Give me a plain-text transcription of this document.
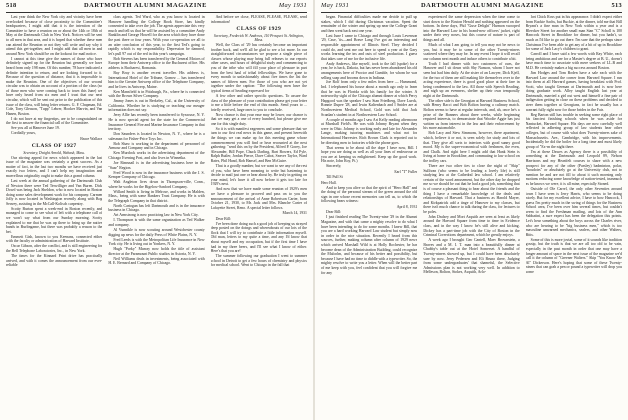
518	DARTMOUTH ALUMNI MAGAZINE	May 1931

Last year think the New York city and vicinity have been overlooked because of close proximity to the Committee's headquarters, I might add that it is the intention of the Committee to have a reunion on or about the 14th or 18th of May at the Dartmouth Club in New York. Notices will be sent to all men in that area, and it is hoped that whether these men can attend the Reunion or not they will write and say why it attend this get-together, and I might add that all men in and around New York should be on the lookout for mail notice.

I cannot at this time give the names of those who have definitely signed up for the Reunion but generally we have heard from only 198 men. Of this number, 78 have indicated a definite intention to return, and are looking forward to it. Because of the question of distance, that it is impossible to make the Reunion. One of the objectives of our second circular was to obtain an account of a portion of the class (so of those men who were coming back to town this June) we have only heard from six men and I trust that our next circular, which will be sent out prior to the publication of this issue of the class, will bring letter returns. G. F. Chapman, Ed. Cole, Tony Gleason, "Tupp" Lehrer, Hooker Marvin, and Van Hanen, Boston.

I do not have at my fingertips, are to be congratulated on the first to answer the financial call of the Committee.

See you all at Hanover June 19.

Cordially yours,

Brace Wallace

CLASS OF 1927

Secretary, Dwight Arnold, Wabash, Mass.

Our stirring appeal for news which appeared in the last issue of the magazine was certainly a great success. As a matter of fact, in the last two months we have received just exactly two letters, and I can't help my imagination and marvellous originality ought to make this a grand column.

Last week at the annual gathering of the Dartmouth Club of Newton there were Ted Terwilliger and Van Buren. Dick Dowd was being Jack Sheldon, who is now located in Boston doing some sales development work for his company. Carmen Jolly is now located in Washington recently along with Bog Seavey, assisting in the McCall-Kolisch carpentry.

Scotty Burton spent a week-end in Boston recently, and managed to come to see what of left with a telephone call of we won't say what from our Sunday morning. Scotty explained to me that he was up there to bring up the native bands in Burlingame, but there was probably a reason to the bet.

Emmett Gish, known to you Keenans, connected either with the faculty or administration of Harvard Institute.

Oscar Gibson, after the conflict, and is still engineering for the Bell Telephone Laboratories, Inc., in New York.

The times for the Kinnard Print drive has practically arrived, and with it comes the announcement from our ever-reliable

class agents. Ted Ward, who as you know is located in Hanover handling the College Book Store, has kindly consented to take over the job. The agents appreciate this very much and tell us that he will be assisted by a committee Andy Ranklin and George Howell for the area which they have done the past three or four years. With your co-operation we all to an utter conclusion of this year, to the first Ted's going to rapidly which is my responsibility. Depression be damned, let's pull 97 out of the red in this year's campaign.

Bob Stevens has been transferred by the General Motors of Europe from their Antwerp office to the Bucharest office. His address is Bucharest, Romania.

Bay Bray is another recent traveller. His address is, International Hotel of the Tribune, Gomez ... has transferred him to the Greater Antwerp office of the Telephone Company, and he lives in Antwerp, Maine.

Ken Mansfield is in Pittsburgh, Pa., where he is connected with the Brown Silver Company.

Jimmy Jones is out in Berkeley, Cal., at the University of California. Whether he is studying or teaching our meager information does not say.

Jerry Allie has recently been transferred to Syracuse, N. Y. He is now special agent for the state for the Commercial Insurance General Fire and Marine Insurance Company in that territory.

Don Saunders is located in Newton, N. Y., where he is a salesman for Fisher-Price Toys Inc.

Bob Shaw is working in the department of personnel of Armour and Company and in Chicago.

Ken Murdock works in the advertising department of the Chicago Evening Post, and also lives in Winnetka.

Joe Rimsnail is in the advertising business here in the "Saar" Region.

Fred Wood is now in the insurance business with the J. S. Kemper Company of Chicago.

Walt Angleton lives down in Thompson-ville, Conn., where he works for the Bigelow-Sanford Company.

Willard Smith is living in Melrose, and works in Malden, Mass., being with some Bankers Trust Company. He is with the Telegraph Company in that district.

North Cartogan has left Dartmouth and is in the insurance business in Chicago.

Art Armstrong is now practicing law in New York City.

I. Thompson is with the same organization as Ted Walker and company.

Al Vunnikle is now scouting around Westchester county digging up news for the daily Press of White Plains, N. Y.

Fred Leeds is with the Metropolitan Life Insurance in New York city. He is living out in Yonkers, N. Y.

Hugh "Porky" Murray now holds the title of assistant director at the Paramount Public studios in Astoria, N. Y.

Neil Williams deals in investments, being associated with H. E. Bernard and Company of Chicago.

And before we close, PLEASE, PLEASE, PLEASE, send information!

CLASS OF 1929

Secretary, Frederick W. Andrews, 110 Prospect St. Arlington, Mass.

Well, the Class of '29 has certainly become an important brother back, and we'll all be glad to see a lot more. In our straightforward circumstances we propose a single piece of classes whose playing may bring full releases to our reports other cases, and hours of delightful study and commencing to you of the tribe who will fill your place of pleasure in part from the best haul of tribal fellowships. We have gone to every month to unfashionably about five times the list the names of fifteen men. For those of you who are not yet together under the caption: "The following men have the typical items of heading expressed for

A few other and rather specific questions. To assure the class of the pleasure of your contribution please get your letter to me a little before the end of this month. Send yours to ... briefly received, large ones to you to conclude.

Now chance is that your ease may be lower, our chance is that we may get a one of every hundred, but please give me one for this single duty.

So it is with manifest eagerness and some pleasure that we turn to our first real news in this game, and present herewith the things we can make up for this meeting game whose commencement you will find or hear recounted at the next gathering: "send this on by the President, Alfred P. Gorey, Joe Alexander, Bill Pope, Chuck Darling, Bart Bowers, Ed Pyle, Ralph Butler, Jordan Pierce, Dave Cabot, Seaver Taylor, Ward Bates, Phil Hand, Rob Hansel, and Ben McGuire.

That is a goodly number, but we want to see any of the rest of you, who have been meaning to write but hastening to decide to mail just one or hear about by. Be truly in getting on your mind, let's have it all now before it gets too late for 1929's next.

And now that we have made some reunion of 1929's men we have a pleasure to proceed and pass on to you the announcement of the arrival of Anne Robertson Carter, born October 21, 1930, to Mr. Jack and Mrs. Blanche Carter of Lafayette Street, Reno. A special letter follows.

March 14, 1931

Dear Bill:

I've been done doing such a good job of keeping us strayed deep posted on the doings and whereabouts of our lots of the flock that I will try to contribute a little information myself. Old man, letters to my quite a time, and any I'd know that about myself and my occupation, but if the first time I have had in my three beers, and I'll see what I know of either. Here's that you are!

The summer following our graduation I went to summer school in Detroit to get a few hours of chemistry and physics for medical school. Went to Chicago in the fall that

May 1931	DARTMOUTH ALUMNI MAGAZINE	513

began. Financial difficulties made me decide to pull up stakes, which I did during Christmas vacation. Spent the remainder of the winter and spring up near the College Grant and then went back east one year.

Last June I came to Chicago and through Louis Levenson '29, Case, 'tis—and Brave Lang I've got an interesting and responsible appointment of Illinois Steel. They decided I could do, and sent me out here to spend a year at the Gary works learning the ins and outs of steel production. I guess that takes care of me for the inclusive life.

Andy Andrews, like myself, took to the fall (spoke) for a year, he is back, Dakota, but has never been abandoned his old arrangements here of Proctor and Gamble, for whom he was selling soap and brooms down in Indiana.

Joe Rolf from only a few miles from here — Hammond, Ind. I telephoned his house about a month ago only to learn that he was in Florida with his family for the winter. A noteworthy sight of the Chicago alumni dinner at which Percy Hapgood was the speaker I saw Stan Friedberg, Dave Lueck, Ronnie Dupee '28, and Irwin Kaltenbach and I Snider are at Northwestern Medical School, Gold was told that Jack Scanlan's student in at Northwestern Law School.

A couple of months ago I saw Art Kelly reading afternoons at Marshall Field's. He was with Johnny Bryant when they were in Ohio. Johnny is working early and late for Alexander Lange, making tutoring machines and what not for International Harvester. Rich Brown Clark is reported out to be directing men to factories while the phone goes.

That seems to be about all the dope I have now, Bill. I hope you are doing as well as all your lines of endeavour as you are at keeping us enlightened. Keep up the good work. His note, John Roy, Pt.)

Sincerely,

Earl "T" Fuller

Till Pull Si

Hero Hall.

And to keep you alive so that the spirit of "Hero Hall" and the doing of the personal stream of the green around the old sign in one whose recent memories can tell us, to which the following bears witness:

April 8, 1931

Dear Bill:

I just finished reading The Twenty-nine '29 in the Alumni Magazine, and with that came a mighty resolve to do what I have been intending to do for some months. I knew Bill, that you are a hard working Harvard Law student but simply now in order in the nice situation. Recently I heard from this sources, further, making column after column of 1929 news which arrived Marshall Wild is at Holly Rochester, he has become dean of the Administration Building, could recognize the Malcolm, and because of his better and possibility, but because I have had no time to diddle with a typewriter. So, the mighty resolve to write you a letter. When will the better part of me keep with you, feel confident that you will forgive me for any

experienced the same depression when the time come to start down to the Boston Herald and nothing appeared on the bottom. In these days, Phil "Guse Delight" Harmon swooped into the Harvard Law in his brand-new officers' jacket, right under their very noses, but this course of nature is part of things and all.

Much of what I am going to tell you may not be news to you, but it may be to some of the other Twenty-niners scattered where they may be. In any event I hope it will recall our column next month and induce others to contribute a bit.

Truth I had dinner with two customers of ours, the Hanover and I sit down with Shy Nanson, whom I have not seen but had him daily. At the sister of an Lawyer, Dick Kjell, for the two of them are still making life themselves over to the acting experience, there is good good place at their fare in being condemned to the law. All those with Speech Reading, and nigh up an evenness, shelter up their own temporally night at the Dartmouth.

The other side is the Georgian at Harvard Business School, with Henry Bacci and Bob Bolton having a culinary match. Bolton seems to have at regular intervals, and, ah, once he's a prize of the Banners about three weeks, while beginning required interests, to demonstrate that Woodie Aggie has just written us from interest in the law and their enforcement by his more automobile.

Bob Lacy and Stew Simmons, however, there apartment, which, believe it or not, is seen solely for study and lots of that. They give all sorts to interiors with good sunny good mood. My is the super-economical with freshmen, the even, and Chalk. And right here I might add that Hank Stein is living at home in Brookline, and commuting to law school on the trolley cars.

There are two other ties to close the night of "Skip" Sullivan (who seems to be leading a lovely life) is still studying law at the Cathedral law school. I am relatively certain of the word amusement, but the other day he dropped me so we should be out that he had a good job, something that is of course a pleasant thing to hear about the friends and the thing I have a remarkable knowledge of the deals and relationships of Harvard. That a business as Harold Mayer, and Kirkpatrick add a tinge of Hanover to my classes, but there isn't much chance to talk during the class, for lectures to be poles.

John Dralsey and Mort Asquith are seen at least as likely around the Harvard Square from time to time in Evidence class, and in the way I know he's still alive and kicking. Dickey has a part-time job with the City of Boston in the Criminal Corrections department, which he greatly enjoys.

A week ago I brought Geo Cantell, Marv Brownstein, a Braves and a M. I. T. man into a beautifully dinner at Chubby's table out at the Hotel Somerset. A handful of Twenty-niners showed up, but I could have been absolutely sure by now. Jerry Pedersen and Eli Bruno there, Judging from some undergraduates' that shameful, the Selective Admissions plan is not working very well. In addition to Melleson, Bolton, Stokes, Asquith, Arlo-

lori Chick Ross put in his appearance. I didn't expect either from Buckie Sachs, but Buckie, at the dinner, told me that Bill Bryant's a fine man in New York within a year and is a Bleecker Street for another small man Stan "C" Scholl is 100 Hancock Street in Brookline for dinner, but you hadn't, so much as I'd like to go out there. I'm sure that the perhaps since Christmas I've been able to get any of a bit of up in Brookline for some of Jack Lacy's children to grant.

Carroll and I have said a few words with Ray White, each being ambitious and are for a Master's degree at B. U., doesn't have much time to associate with mere seekers of LL.B and M.D. He certainly makes a big success around Boston.

Jim Hodges and Tom Boden have a sale each with the Harvard Law around the corner from Harvard Square. I run into them at all Harvard games, having breakfast with Prof. Scott, who taught German at Dartmouth and is now here doing graduate work. Alley taught English last year at Dartmouth, married a girl out west and himself a fine pair of indigestion getting in close on these problems and decided to steer them together at Georgians, in fact he usually has a warrant fully right now for those brides in the Fair.

Reg Barton still has trouble in seeking some right place of his fanciest finishing schools when he was aside for Nantucket, Harvard Square. His days are now carefully well reflected in adhering group of law students hear other colleges, but of course with what does Twenty-niners sake of Massachusetts. Ave., Cambridge, with his improvements. Incidentally he did the boiler for a long time and most likely group of "Ex-rn the night there.

I'm at these Dawes as Agency there is a possibility of something at the Dartmouth and Leopold 89, Nelson Harrisons and my Heartfelt courses to share with a new prospect for any of the other (Parsley) badminton, polar, "boudoirs" or absolutely go at the University club, not to mention be and are not fill to about it such morning only motions reducing some knowledge of nation-tested, inasmuch as he knows we were, it is all mine, especially Stoned.

Outside of Ole Carrel, the only other Seventies around town I have seen is Jerry Harris, who seems to be doing nicely. But for my excellent advice, I have to bow Hancock, I guess I'm pretty much in the swing of things for the Business School area, I've been over him several times, but couldn't seem to find the Freshman mailing, and lots of the Ann Sabbatini, a sure expect has been the delegation this points. Let's hear something about the boys across the Charles river, who are hearing to be "big business men," which is too masculine unwarned mechanics, sealers, and other Walters, Bitts.

Some of this is more jovial, some of it sounds like tradition gossip, but the truth is that we are all too old to be vain, especially in the past month in order that one may have a longer amount of space in the next issue of the magazine we'd call it the column of "Greener Walters." Skip "You Know Me Al" Dickerson. Here's hoping that some of these Twenty-niners that can grab a pen or pound a typewriter will drop you some
